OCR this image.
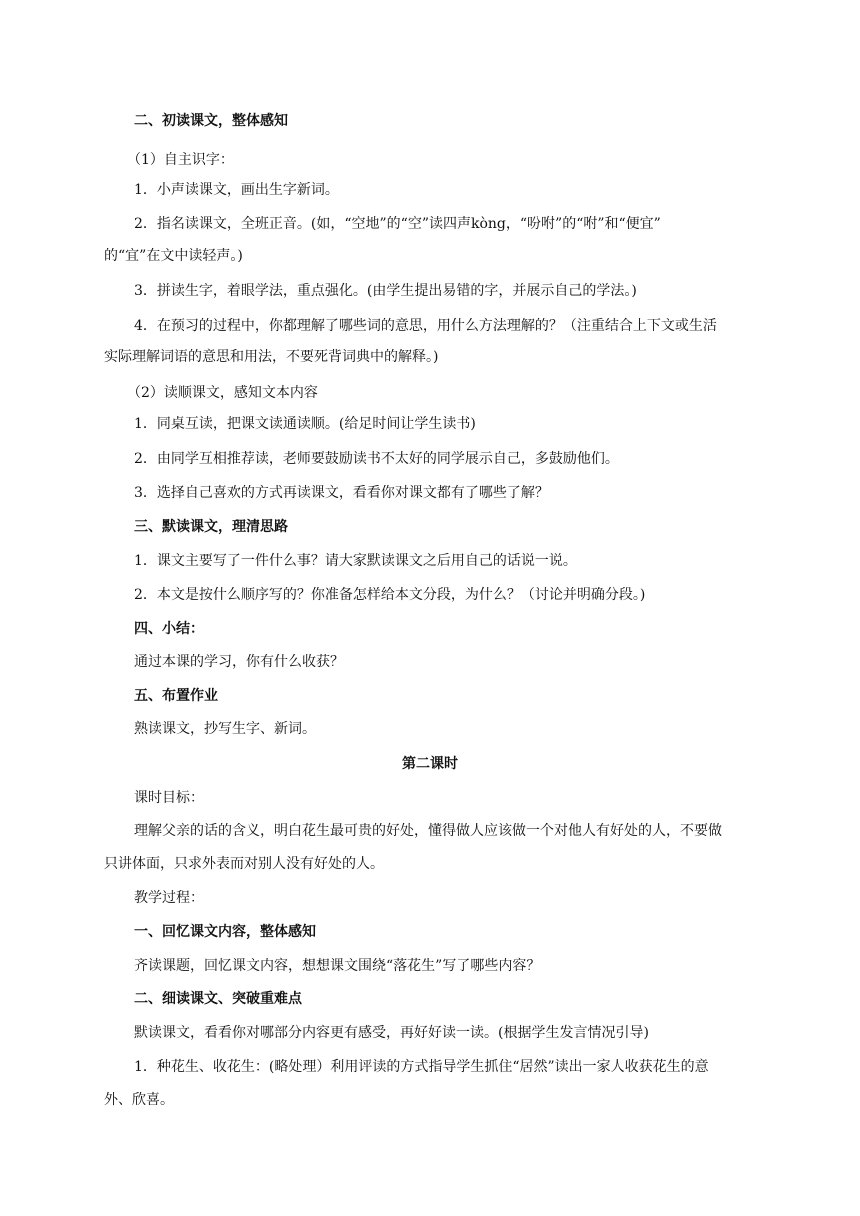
二、初读课文，整体感知
（1）自主识字：
1．小声读课文，画出生字新词。
2．指名读课文，全班正音。(如，“空地”的“空”读四声kòng，“吩咐”的“咐”和“便宜”
的“宜”在文中读轻声。)
3．拼读生字，着眼学法，重点强化。(由学生提出易错的字，并展示自己的学法。)
4．在预习的过程中，你都理解了哪些词的意思，用什么方法理解的？（注重结合上下文或生活
实际理解词语的意思和用法，不要死背词典中的解释。)
（2）读顺课文，感知文本内容
1．同桌互读，把课文读通读顺。(给足时间让学生读书)
2．由同学互相推荐读，老师要鼓励读书不太好的同学展示自己，多鼓励他们。
3．选择自己喜欢的方式再读课文，看看你对课文都有了哪些了解？
三、默读课文，理清思路
1．课文主要写了一件什么事？请大家默读课文之后用自己的话说一说。
2．本文是按什么顺序写的？你准备怎样给本文分段，为什么？（讨论并明确分段。)
四、小结：
通过本课的学习，你有什么收获？
五、布置作业
熟读课文，抄写生字、新词。
第二课时
课时目标：
理解父亲的话的含义，明白花生最可贵的好处，懂得做人应该做一个对他人有好处的人，不要做
只讲体面，只求外表而对别人没有好处的人。
教学过程：
一、回忆课文内容，整体感知
齐读课题，回忆课文内容，想想课文围绕“落花生”写了哪些内容？
二、细读课文、突破重难点
默读课文，看看你对哪部分内容更有感受，再好好读一读。(根据学生发言情况引导)
1．种花生、收花生：(略处理）利用评读的方式指导学生抓住“居然”读出一家人收获花生的意
外、欣喜。
